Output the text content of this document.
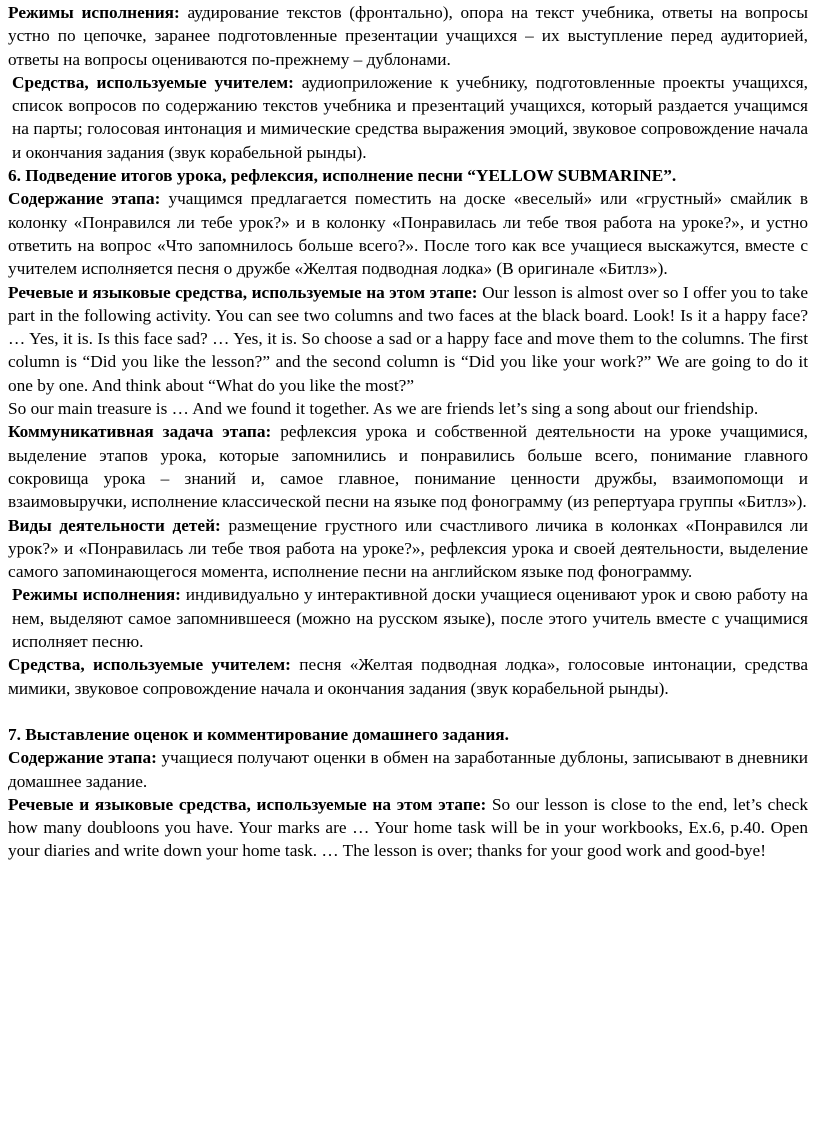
Режимы исполнения: аудирование текстов (фронтально), опора на текст учебника, ответы на вопросы устно по цепочке, заранее подготовленные презентации учащихся – их выступление перед аудиторией, ответы на вопросы оцениваются по-прежнему – дублонами.

Средства, используемые учителем: аудиоприложение к учебнику, подготовленные проекты учащихся, список вопросов по содержанию текстов учебника и презентаций учащихся, который раздается учащимся на парты; голосовая интонация и мимические средства выражения эмоций, звуковое сопровождение начала и окончания задания (звук корабельной рынды).

6. Подведение итогов урока, рефлексия, исполнение песни “YELLOW SUBMARINE”.

Содержание этапа: учащимся предлагается поместить на доске «веселый» или «грустный» смайлик в колонку «Понравился ли тебе урок?» и в колонку «Понравилась ли тебе твоя работа на уроке?», и устно ответить на вопрос «Что запомнилось больше всего?». После того как все учащиеся выскажутся, вместе с учителем исполняется песня о дружбе «Желтая подводная лодка» (В оригинале «Битлз»).

Речевые и языковые средства, используемые на этом этапе: Our lesson is almost over so I offer you to take part in the following activity. You can see two columns and two faces at the black board. Look! Is it a happy face? … Yes, it is. Is this face sad? … Yes, it is. So choose a sad or a happy face and move them to the columns. The first column is “Did you like the lesson?” and the second column is “Did you like your work?” We are going to do it one by one. And think about “What do you like the most?”

So our main treasure is … And we found it together. As we are friends let’s sing a song about our friendship.

Коммуникативная задача этапа: рефлексия урока и собственной деятельности на уроке учащимися, выделение этапов урока, которые запомнились и понравились больше всего, понимание главного сокровища урока – знаний и, самое главное, понимание ценности дружбы, взаимопомощи и взаимовыручки, исполнение классической песни на языке под фонограмму (из репертуара группы «Битлз»).

Виды деятельности детей: размещение грустного или счастливого личика в колонках «Понравился ли урок?» и «Понравилась ли тебе твоя работа на уроке?», рефлексия урока и своей деятельности, выделение самого запоминающегося момента, исполнение песни на английском языке под фонограмму.

Режимы исполнения: индивидуально у интерактивной доски учащиеся оценивают урок и свою работу на нем, выделяют самое запомнившееся (можно на русском языке), после этого учитель вместе с учащимися исполняет песню.

Средства, используемые учителем: песня «Желтая подводная лодка», голосовые интонации, средства мимики, звуковое сопровождение начала и окончания задания (звук корабельной рынды).

7. Выставление оценок и комментирование домашнего задания.

Содержание этапа: учащиеся получают оценки в обмен на заработанные дублоны, записывают в дневники домашнее задание.

Речевые и языковые средства, используемые на этом этапе: So our lesson is close to the end, let’s check how many doubloons you have. Your marks are … Your home task will be in your workbooks, Ex.6, p.40. Open your diaries and write down your home task. … The lesson is over; thanks for your good work and good-bye!
